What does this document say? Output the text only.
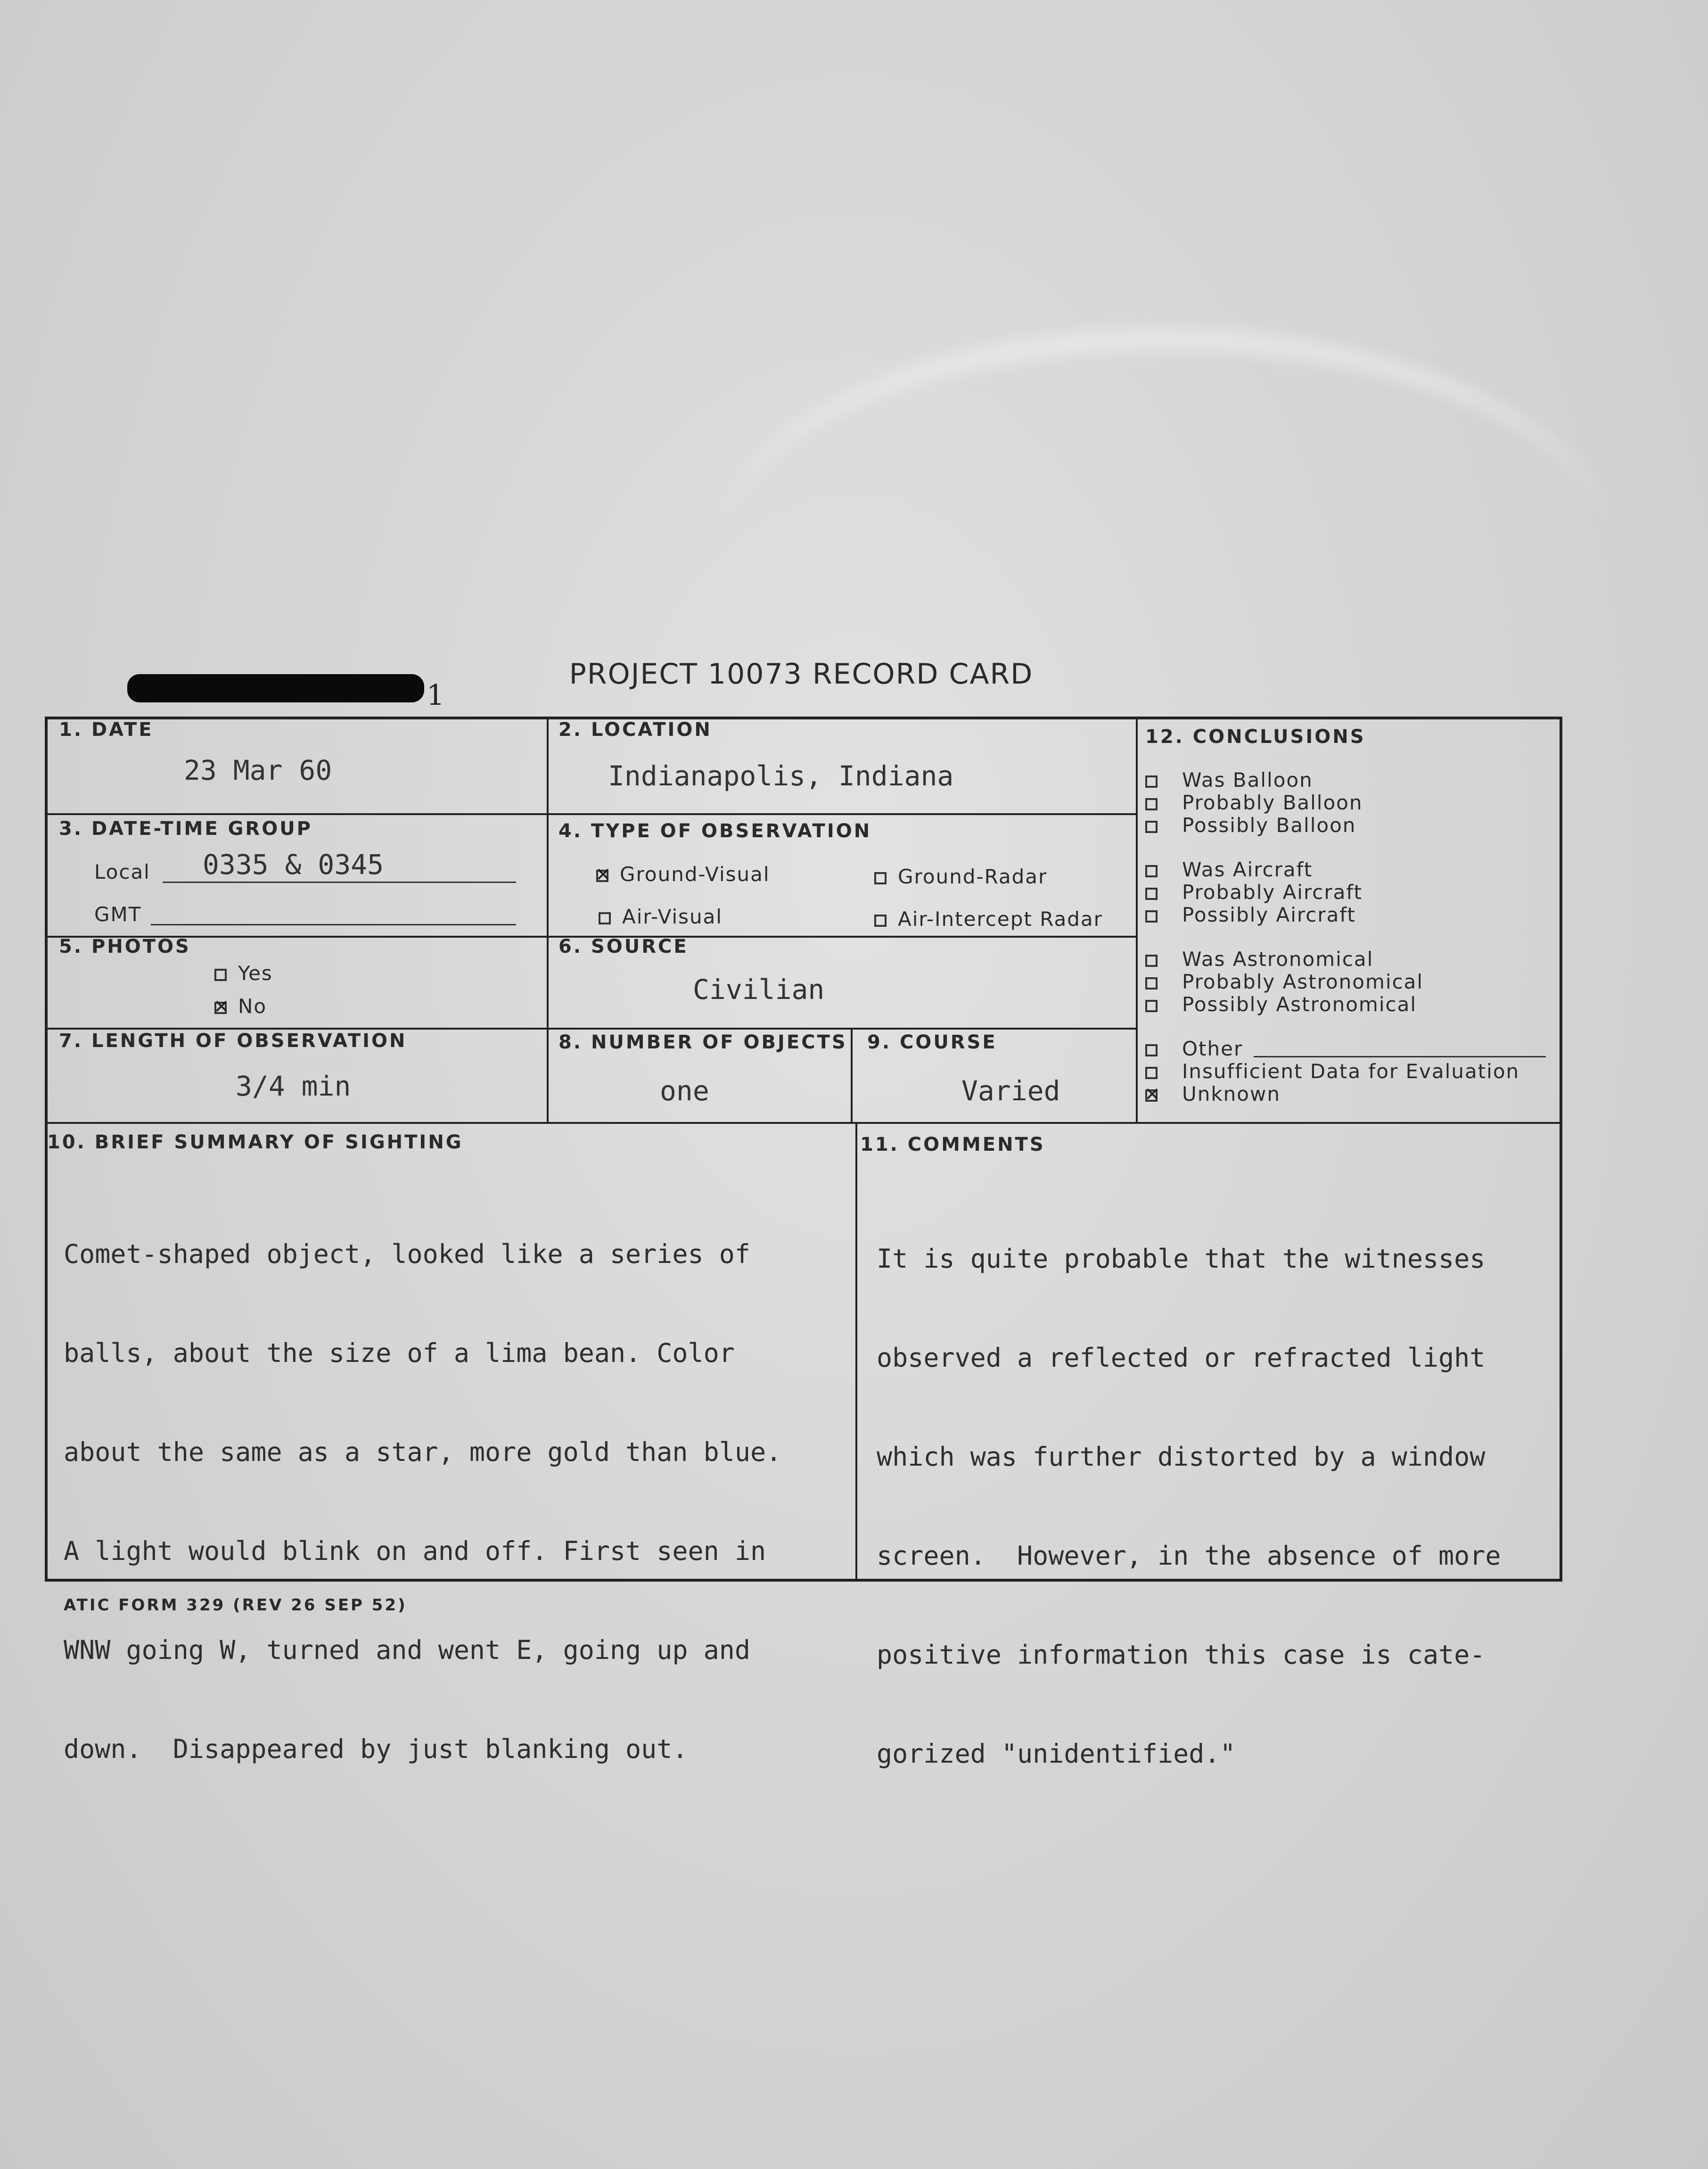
1
PROJECT 10073 RECORD CARD
1. DATE
23 Mar 60
2. LOCATION
Indianapolis, Indiana
3. DATE-TIME GROUP
Local 0335 & 0345
GMT
4. TYPE OF OBSERVATION
✕Ground-Visual	Ground-Radar
Air-Visual	Air-Intercept Radar
5. PHOTOS
Yes
✕No
6. SOURCE
Civilian
7. LENGTH OF OBSERVATION
3/4 min
8. NUMBER OF OBJECTS
one
9. COURSE
Varied
10. BRIEF SUMMARY OF SIGHTING

Comet-shaped object, looked like a series of

balls, about the size of a lima bean. Color

about the same as a star, more gold than blue.

A light would blink on and off. First seen in

WNW going W, turned and went E, going up and

down.  Disappeared by just blanking out.

11. COMMENTS

It is quite probable that the witnesses

observed a reflected or refracted light

which was further distorted by a window

screen.  However, in the absence of more

positive information this case is cate-

gorized "unidentified."

12. CONCLUSIONS
Was Balloon
Probably Balloon
Possibly Balloon
Was Aircraft
Probably Aircraft
Possibly Aircraft
Was Astronomical
Probably Astronomical
Possibly Astronomical
Other
Insufficient Data for Evaluation
✕Unknown
ATIC FORM 329 (REV 26 SEP 52)
